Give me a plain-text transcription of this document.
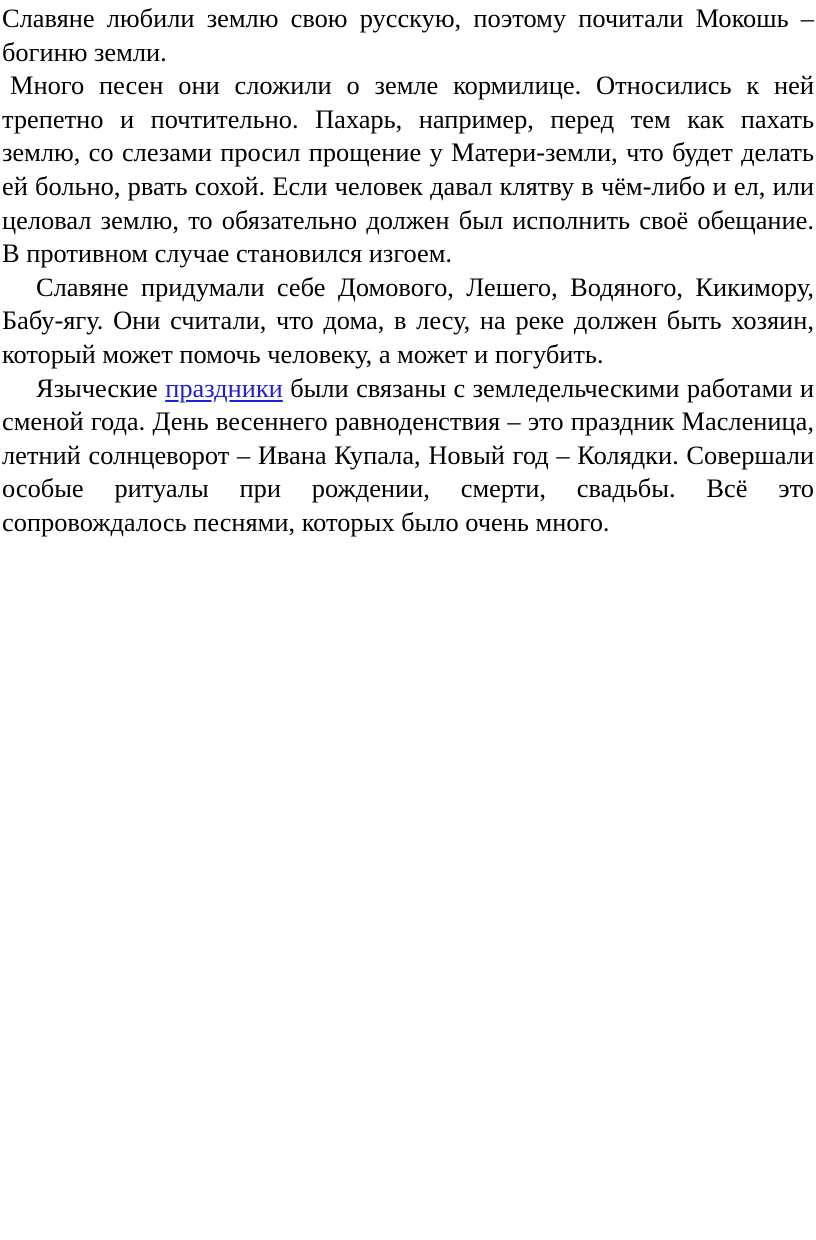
Славяне любили землю свою русскую, поэтому почитали Мокошь – богиню земли.

Много песен они сложили о земле кормилице. Относились к ней трепетно и почтительно. Пахарь, например, перед тем как пахать землю, со слезами просил прощение у Матери-земли, что будет делать ей больно, рвать сохой. Если человек давал клятву в чём-либо и ел, или целовал землю, то обязательно должен был исполнить своё обещание. В противном случае становился изгоем.

Славяне придумали себе Домового, Лешего, Водяного, Кикимору, Бабу-ягу. Они считали, что дома, в лесу, на реке должен быть хозяин, который может помочь человеку, а может и погубить.

Языческие праздники были связаны с земледельческими работами и сменой года. День весеннего равноденствия – это праздник Масленица, летний солнцеворот – Ивана Купала, Новый год – Колядки. Совершали особые ритуалы при рождении, смерти, свадьбы. Всё это сопровождалось песнями, которых было очень много.
